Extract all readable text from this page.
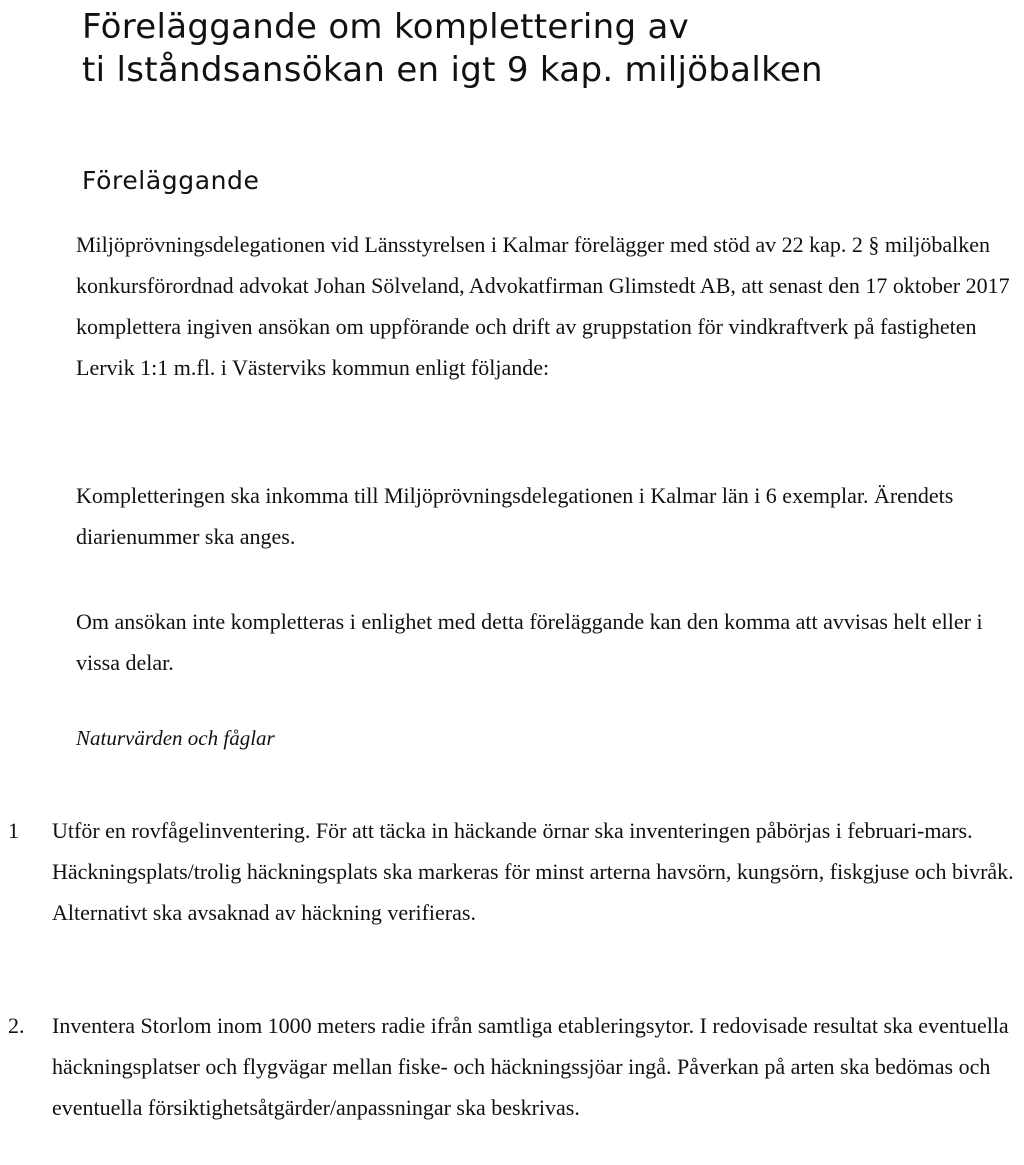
Föreläggande om komplettering av
ti lståndsansökan en igt 9 kap. miljöbalken
Föreläggande

Miljöprövningsdelegationen vid Länsstyrelsen i Kalmar förelägger med stöd av 22 kap. 2 § miljöbalken konkursförordnad advokat Johan Sölveland, Advokatfirman Glimstedt AB, att senast den 17 oktober 2017 komplettera ingiven ansökan om uppförande och drift av gruppstation för vindkraftverk på fastigheten Lervik 1:1 m.fl. i Västerviks kommun enligt följande:

Kompletteringen ska inkomma till Miljöprövningsdelegationen i Kalmar län i 6 exemplar. Ärendets diarienummer ska anges.

Om ansökan inte kompletteras i enlighet med detta föreläggande kan den komma att avvisas helt eller i vissa delar.

Naturvärden och fåglar
1 Utför en rovfågelinventering. För att täcka in häckande örnar ska inventeringen påbörjas i februari-mars. Häckningsplats/trolig häckningsplats ska markeras för minst arterna havsörn, kungsörn, fiskgjuse och bivråk. Alternativt ska avsaknad av häckning verifieras.

2. Inventera Storlom inom 1000 meters radie ifrån samtliga etableringsytor. I redovisade resultat ska eventuella häckningsplatser och flygvägar mellan fiske- och häckningssjöar ingå. Påverkan på arten ska bedömas och eventuella försiktighetsåtgärder/anpassningar ska beskrivas.
